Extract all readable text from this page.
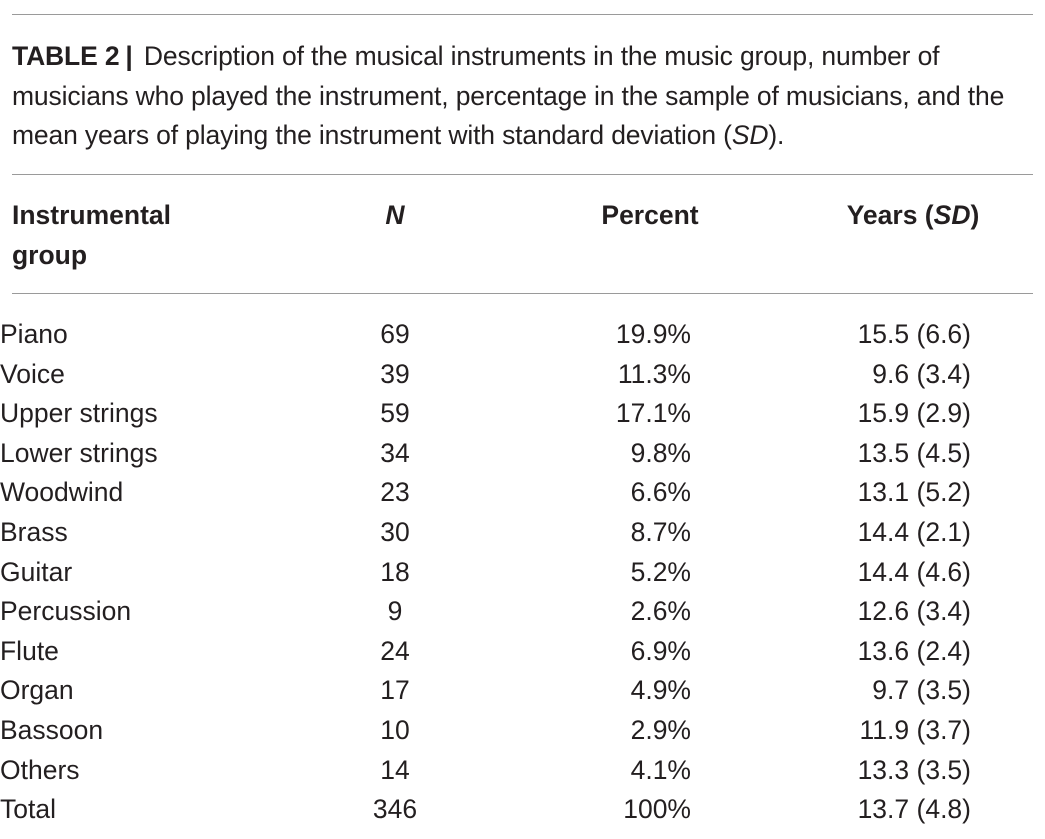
TABLE 2 | Description of the musical instruments in the music group, number of musicians who played the instrument, percentage in the sample of musicians, and the mean years of playing the instrument with standard deviation (SD).
Instrumental
group
N	Percent	Years (SD)
Piano	69	19.9%	15.5 (6.6)
Voice	39	11.3%	9.6 (3.4)
Upper strings	59	17.1%	15.9 (2.9)
Lower strings	34	9.8%	13.5 (4.5)
Woodwind	23	6.6%	13.1 (5.2)
Brass	30	8.7%	14.4 (2.1)
Guitar	18	5.2%	14.4 (4.6)
Percussion	9	2.6%	12.6 (3.4)
Flute	24	6.9%	13.6 (2.4)
Organ	17	4.9%	9.7 (3.5)
Bassoon	10	2.9%	11.9 (3.7)
Others	14	4.1%	13.3 (3.5)
Total	346	100%	13.7 (4.8)
